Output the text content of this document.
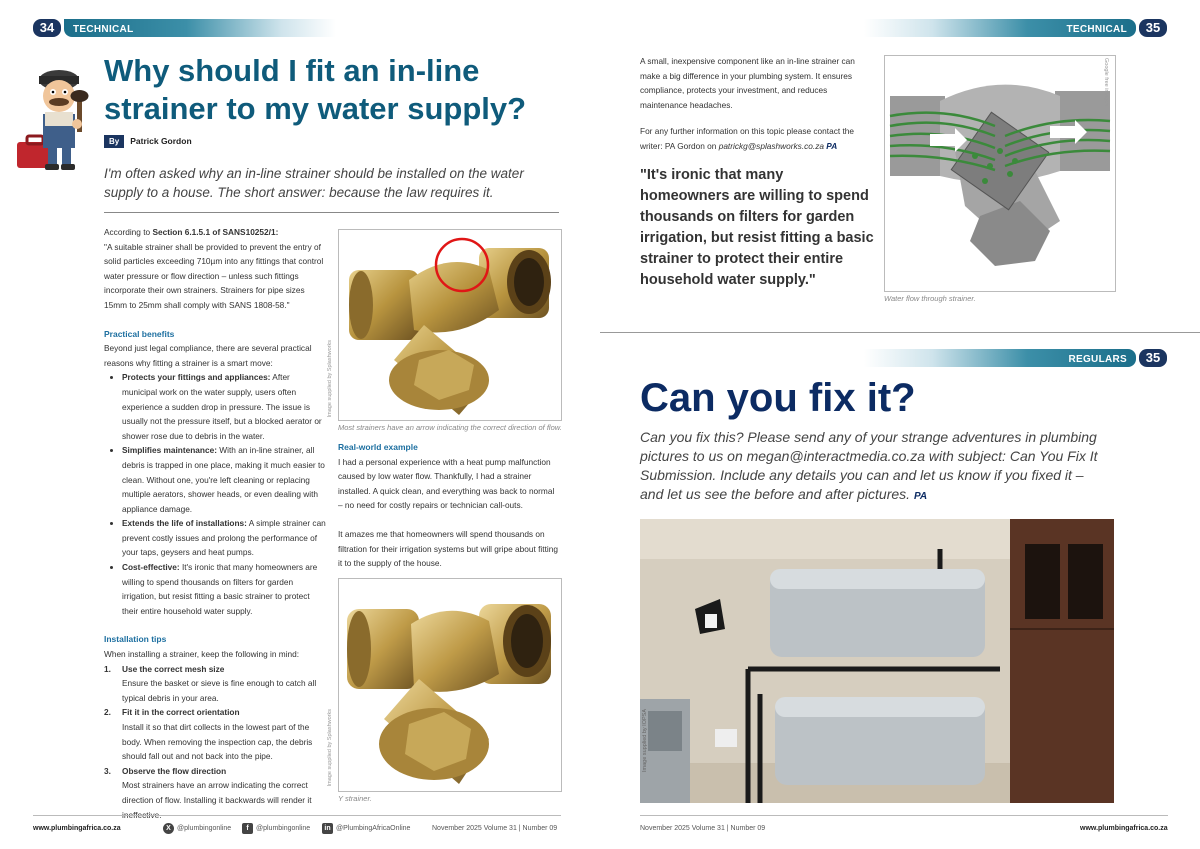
34	TECHNICAL
Why should I fit an in-line strainer to my water supply?
By Patrick Gordon
I'm often asked why an in-line strainer should be installed on the water supply to a house. The short answer: because the law requires it.
According to Section 6.1.5.1 of SANS10252/1:
"A suitable strainer shall be provided to prevent the entry of solid particles exceeding 710µm into any fittings that control water pressure or flow direction – unless such fittings incorporate their own strainers. Strainers for pipe sizes 15mm to 25mm shall comply with SANS 1808-58."
Practical benefits
Beyond just legal compliance, there are several practical reasons why fitting a strainer is a smart move:
• Protects your fittings and appliances: After municipal work on the water supply, users often experience a sudden drop in pressure. The issue is usually not the pressure itself, but a blocked aerator or shower rose due to debris in the water.
• Simplifies maintenance: With an in-line strainer, all debris is trapped in one place, making it much easier to clean. Without one, you're left cleaning or replacing multiple aerators, shower heads, or even dealing with appliance damage.
• Extends the life of installations: A simple strainer can prevent costly issues and prolong the performance of your taps, geysers and heat pumps.
• Cost-effective: It's ironic that many homeowners are willing to spend thousands on filters for garden irrigation, but resist fitting a basic strainer to protect their entire household water supply.
Installation tips
When installing a strainer, keep the following in mind:
1.	Use the correct mesh size
Ensure the basket or sieve is fine enough to catch all typical debris in your area.
2.	Fit it in the correct orientation
Install it so that dirt collects in the lowest part of the body. When removing the inspection cap, the debris should fall out and not back into the pipe.
3.	Observe the flow direction
Most strainers have an arrow indicating the correct direction of flow. Installing it backwards will render it
Image supplied by Splashworks
Most strainers have an arrow indicating the correct direction of flow.
Real-world example
I had a personal experience with a heat pump malfunction caused by low water flow. Thankfully, I had a strainer installed. A quick clean, and everything was back to normal – no need for costly repairs or technician call-outs.
It amazes me that homeowners will spend thousands on filtration for their irrigation systems but will gripe about fitting it to the supply of the house.
Image supplied by Splashworks
Y strainer.
TECHNICAL	35
A small, inexpensive component like an in-line strainer can make a big difference in your plumbing system. It ensures compliance, protects your investment, and reduces maintenance headaches.
For any further information on this topic please contact the writer: PA Gordon on patrickg@splashworks.co.za PA
"It's ironic that many homeowners are willing to spend thousands on filters for garden irrigation, but resist fitting a basic strainer to protect their entire household water supply."
Google free images
Water flow through strainer.
REGULARS	35
Can you fix it?
Can you fix this? Please send any of your strange adventures in plumbing pictures to us on megan@interactmedia.co.za with subject: Can You Fix It Submission. Include any details you can and let us know if you fixed it – and let us see the before and after pictures. PA
Image supplied by IOPSA
www.plumbingafrica.co.za	X @plumbingonline	f @plumbingonline	in @PlumbingAfricaOnline	November 2025 Volume 31 | Number 09	November 2025 Volume 31 | Number 09	www.plumbingafrica.co.za
